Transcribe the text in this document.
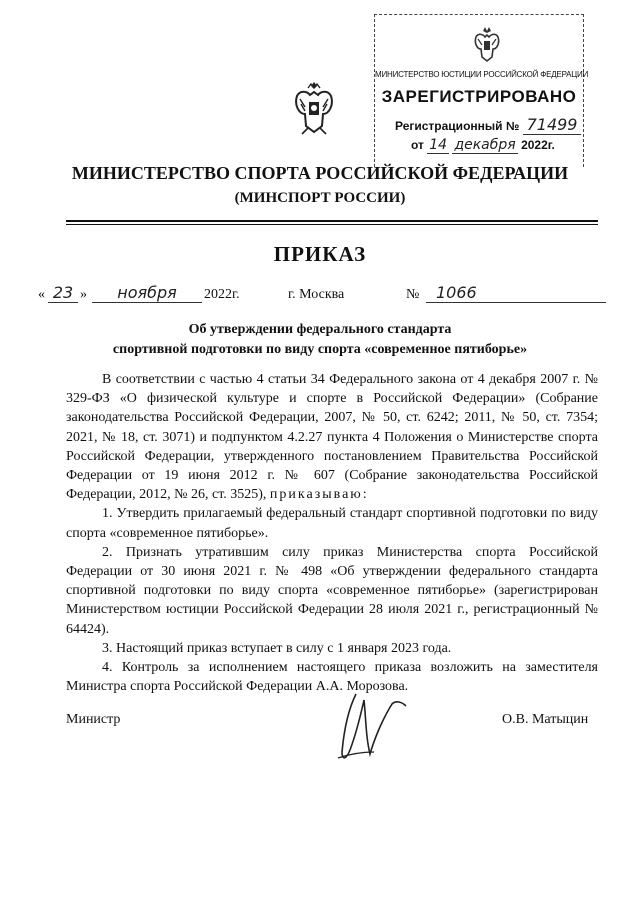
МИНИСТЕРСТВО ЮСТИЦИИ РОССИЙСКОЙ ФЕДЕРАЦИИ
ЗАРЕГИСТРИРОВАНО
Регистрационный № 71499
от 14 декабря 2022г.
МИНИСТЕРСТВО СПОРТА РОССИЙСКОЙ ФЕДЕРАЦИИ
(МИНСПОРТ РОССИИ)
ПРИКАЗ
« 23 »	ноября	2022г.	г. Москва	№	1066
Об утверждении федерального стандарта
спортивной подготовки по виду спорта «современное пятиборье»

В соответствии с частью 4 статьи 34 Федерального закона от 4 декабря 2007 г. № 329-ФЗ «О физической культуре и спорте в Российской Федерации» (Собрание законодательства Российской Федерации, 2007, № 50, ст. 6242; 2011, № 50, ст. 7354; 2021, № 18, ст. 3071) и подпунктом 4.2.27 пункта 4 Положения о Министерстве спорта Российской Федерации, утвержденного постановлением Правительства Российской Федерации от 19 июня 2012 г. № 607 (Собрание законодательства Российской Федерации, 2012, № 26, ст. 3525), приказываю:

1. Утвердить прилагаемый федеральный стандарт спортивной подготовки по виду спорта «современное пятиборье».

2. Признать утратившим силу приказ Министерства спорта Российской Федерации от 30 июня 2021 г. № 498 «Об утверждении федерального стандарта спортивной подготовки по виду спорта «современное пятиборье» (зарегистрирован Министерством юстиции Российской Федерации 28 июля 2021 г., регистрационный № 64424).

3. Настоящий приказ вступает в силу с 1 января 2023 года.

4. Контроль за исполнением настоящего приказа возложить на заместителя Министра спорта Российской Федерации А.А. Морозова.

Министр	О.В. Матыцин
